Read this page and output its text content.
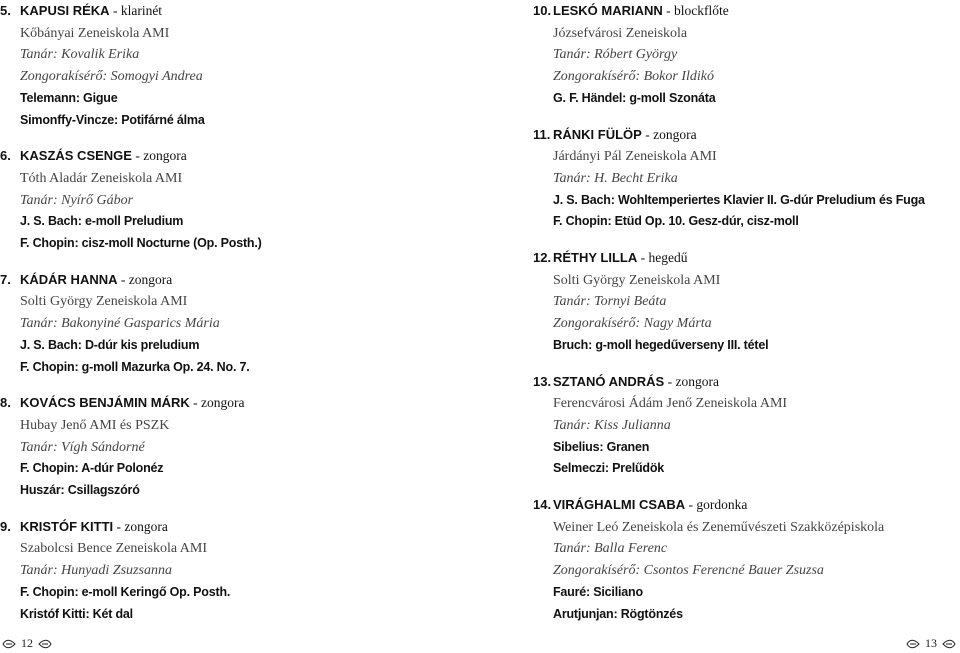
5. KAPUSI RÉKA - klarinét
Kőbányai Zeneiskola AMI
Tanár: Kovalik Erika
Zongorakísérő: Somogyi Andrea
Telemann: Gigue
Simonffy-Vincze: Potifárné álma
6. KASZÁS CSENGE - zongora
Tóth Aladár Zeneiskola AMI
Tanár: Nyírő Gábor
J. S. Bach: e-moll Preludium
F. Chopin: cisz-moll Nocturne (Op. Posth.)
7. KÁDÁR HANNA - zongora
Solti György Zeneiskola AMI
Tanár: Bakonyiné Gasparics Mária
J. S. Bach: D-dúr kis preludium
F. Chopin: g-moll Mazurka Op. 24. No. 7.
8. KOVÁCS BENJÁMIN MÁRK - zongora
Hubay Jenő AMI és PSZK
Tanár: Vígh Sándorné
F. Chopin: A-dúr Polonéz
Huszár: Csillagszóró
9. KRISTÓF KITTI - zongora
Szabolcsi Bence Zeneiskola AMI
Tanár: Hunyadi Zsuzsanna
F. Chopin: e-moll Keringő Op. Posth.
Kristóf Kitti: Két dal
10. LESKÓ MARIANN - blockflőte
Józsefvárosi Zeneiskola
Tanár: Róbert György
Zongorakísérő: Bokor Ildikó
G. F. Händel: g-moll Szonáta
11. RÁNKI FÜLÖP - zongora
Járdányi Pál Zeneiskola AMI
Tanár: H. Becht Erika
J. S. Bach: Wohltemperiertes Klavier II. G-dúr Preludium és Fuga
F. Chopin: Etüd Op. 10. Gesz-dúr, cisz-moll
12. RÉTHY LILLA - hegedű
Solti György Zeneiskola AMI
Tanár: Tornyi Beáta
Zongorakísérő: Nagy Márta
Bruch: g-moll hegedűverseny III. tétel
13. SZTANÓ ANDRÁS - zongora
Ferencvárosi Ádám Jenő Zeneiskola AMI
Tanár: Kiss Julianna
Sibelius: Granen
Selmeczi: Prelűdök
14. VIRÁGHALMI CSABA - gordonka
Weiner Leó Zeneiskola és Zeneművészeti Szakközépiskola
Tanár: Balla Ferenc
Zongorakísérő: Csontos Ferencné Bauer Zsuzsa
Fauré: Siciliano
Arutjunjan: Rögtönzés
12	13
